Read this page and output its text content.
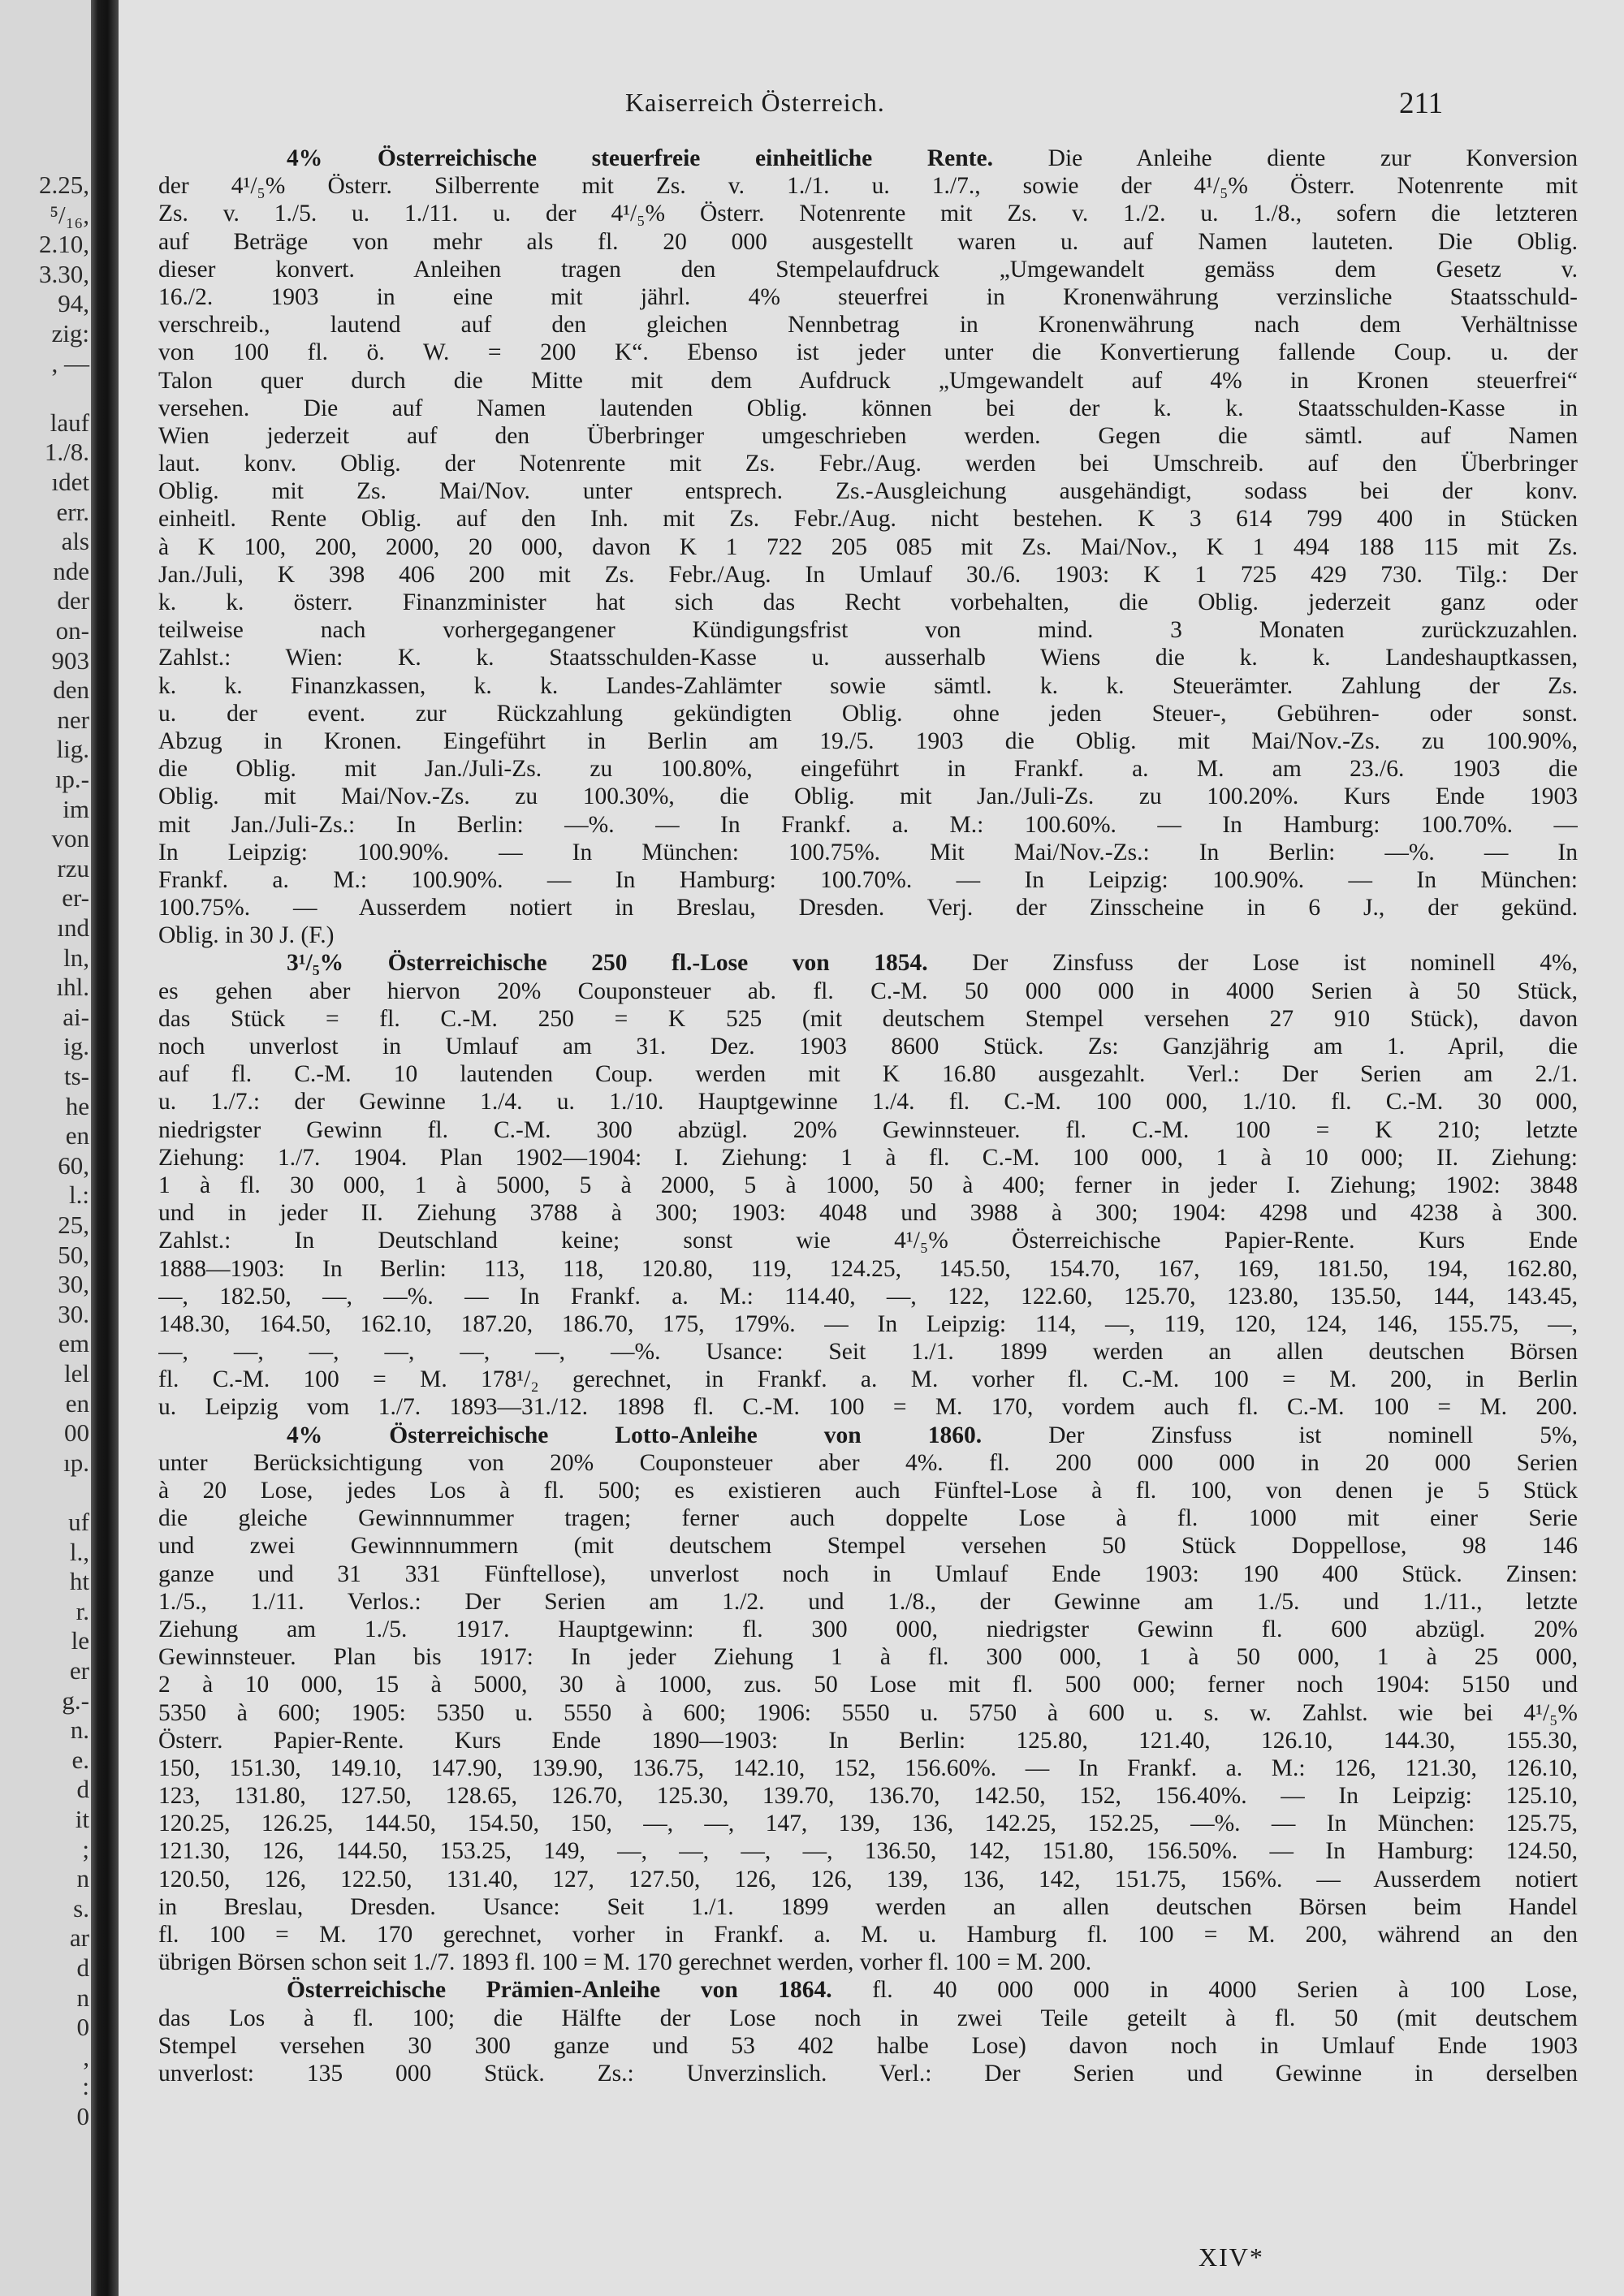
2.25,
⁵/₁₆,
2.10,
3.30,
94,
zig:
, —
lauf
1./8.
ıdet
err.
als
nde
der
on-
903
den
ner
lig.
ıp.-
im
von
rzu
er-
ınd
ln,
ıhl.
ai-
ig.
ts-
he
en
60,
l.:
25,
50,
30,
30.
em
lel
en
00
ıp.
uf
l.,
ht
r.
le
er
g.-
n.
e.
d
it
;
n
s.
ar
d
n
0
,
:
0
Kaiserreich Österreich.	211
4% Österreichische steuerfreie einheitliche Rente. Die Anleihe diente zur Konversion
der 4¹/₅% Österr. Silberrente mit Zs. v. 1./1. u. 1./7., sowie der 4¹/₅% Österr. Notenrente mit
Zs. v. 1./5. u. 1./11. u. der 4¹/₅% Österr. Notenrente mit Zs. v. 1./2. u. 1./8., sofern die letzteren
auf Beträge von mehr als fl. 20 000 ausgestellt waren u. auf Namen lauteten. Die Oblig.
dieser konvert. Anleihen tragen den Stempelaufdruck „Umgewandelt gemäss dem Gesetz v.
16./2. 1903 in eine mit jährl. 4% steuerfrei in Kronenwährung verzinsliche Staatsschuld-
verschreib., lautend auf den gleichen Nennbetrag in Kronenwährung nach dem Verhältnisse
von 100 fl. ö. W. = 200 K“. Ebenso ist jeder unter die Konvertierung fallende Coup. u. der
Talon quer durch die Mitte mit dem Aufdruck „Umgewandelt auf 4% in Kronen steuerfrei“
versehen. Die auf Namen lautenden Oblig. können bei der k. k. Staatsschulden-Kasse in
Wien jederzeit auf den Überbringer umgeschrieben werden. Gegen die sämtl. auf Namen
laut. konv. Oblig. der Notenrente mit Zs. Febr./Aug. werden bei Umschreib. auf den Überbringer
Oblig. mit Zs. Mai/Nov. unter entsprech. Zs.-Ausgleichung ausgehändigt, sodass bei der konv.
einheitl. Rente Oblig. auf den Inh. mit Zs. Febr./Aug. nicht bestehen. K 3 614 799 400 in Stücken
à K 100, 200, 2000, 20 000, davon K 1 722 205 085 mit Zs. Mai/Nov., K 1 494 188 115 mit Zs.
Jan./Juli, K 398 406 200 mit Zs. Febr./Aug. In Umlauf 30./6. 1903: K 1 725 429 730. Tilg.: Der
k. k. österr. Finanzminister hat sich das Recht vorbehalten, die Oblig. jederzeit ganz oder
teilweise nach vorhergegangener Kündigungsfrist von mind. 3 Monaten zurückzuzahlen.
Zahlst.: Wien: K. k. Staatsschulden-Kasse u. ausserhalb Wiens die k. k. Landeshauptkassen,
k. k. Finanzkassen, k. k. Landes-Zahlämter sowie sämtl. k. k. Steuerämter. Zahlung der Zs.
u. der event. zur Rückzahlung gekündigten Oblig. ohne jeden Steuer-, Gebühren- oder sonst.
Abzug in Kronen. Eingeführt in Berlin am 19./5. 1903 die Oblig. mit Mai/Nov.-Zs. zu 100.90%,
die Oblig. mit Jan./Juli-Zs. zu 100.80%, eingeführt in Frankf. a. M. am 23./6. 1903 die
Oblig. mit Mai/Nov.-Zs. zu 100.30%, die Oblig. mit Jan./Juli-Zs. zu 100.20%. Kurs Ende 1903
mit Jan./Juli-Zs.: In Berlin: —%. — In Frankf. a. M.: 100.60%. — In Hamburg: 100.70%. —
In Leipzig: 100.90%. — In München: 100.75%. Mit Mai/Nov.-Zs.: In Berlin: —%. — In
Frankf. a. M.: 100.90%. — In Hamburg: 100.70%. — In Leipzig: 100.90%. — In München:
100.75%. — Ausserdem notiert in Breslau, Dresden. Verj. der Zinsscheine in 6 J., der gekünd.
Oblig. in 30 J. (F.)
3¹/₅% Österreichische 250 fl.-Lose von 1854. Der Zinsfuss der Lose ist nominell 4%,
es gehen aber hiervon 20% Couponsteuer ab. fl. C.-M. 50 000 000 in 4000 Serien à 50 Stück,
das Stück = fl. C.-M. 250 = K 525 (mit deutschem Stempel versehen 27 910 Stück), davon
noch unverlost in Umlauf am 31. Dez. 1903 8600 Stück. Zs: Ganzjährig am 1. April, die
auf fl. C.-M. 10 lautenden Coup. werden mit K 16.80 ausgezahlt. Verl.: Der Serien am 2./1.
u. 1./7.: der Gewinne 1./4. u. 1./10. Hauptgewinne 1./4. fl. C.-M. 100 000, 1./10. fl. C.-M. 30 000,
niedrigster Gewinn fl. C.-M. 300 abzügl. 20% Gewinnsteuer. fl. C.-M. 100 = K 210; letzte
Ziehung: 1./7. 1904. Plan 1902—1904: I. Ziehung: 1 à fl. C.-M. 100 000, 1 à 10 000; II. Ziehung:
1 à fl. 30 000, 1 à 5000, 5 à 2000, 5 à 1000, 50 à 400; ferner in jeder I. Ziehung; 1902: 3848
und in jeder II. Ziehung 3788 à 300; 1903: 4048 und 3988 à 300; 1904: 4298 und 4238 à 300.
Zahlst.: In Deutschland keine; sonst wie 4¹/₅% Österreichische Papier-Rente. Kurs Ende
1888—1903: In Berlin: 113, 118, 120.80, 119, 124.25, 145.50, 154.70, 167, 169, 181.50, 194, 162.80,
—, 182.50, —, —%. — In Frankf. a. M.: 114.40, —, 122, 122.60, 125.70, 123.80, 135.50, 144, 143.45,
148.30, 164.50, 162.10, 187.20, 186.70, 175, 179%. — In Leipzig: 114, —, 119, 120, 124, 146, 155.75, —,
—, —, —, —, —, —, —%. Usance: Seit 1./1. 1899 werden an allen deutschen Börsen
fl. C.-M. 100 = M. 178¹/₂ gerechnet, in Frankf. a. M. vorher fl. C.-M. 100 = M. 200, in Berlin
u. Leipzig vom 1./7. 1893—31./12. 1898 fl. C.-M. 100 = M. 170, vordem auch fl. C.-M. 100 = M. 200.
4% Österreichische Lotto-Anleihe von 1860. Der Zinsfuss ist nominell 5%,
unter Berücksichtigung von 20% Couponsteuer aber 4%. fl. 200 000 000 in 20 000 Serien
à 20 Lose, jedes Los à fl. 500; es existieren auch Fünftel-Lose à fl. 100, von denen je 5 Stück
die gleiche Gewinnnummer tragen; ferner auch doppelte Lose à fl. 1000 mit einer Serie
und zwei Gewinnnummern (mit deutschem Stempel versehen 50 Stück Doppellose, 98 146
ganze und 31 331 Fünftellose), unverlost noch in Umlauf Ende 1903: 190 400 Stück. Zinsen:
1./5., 1./11. Verlos.: Der Serien am 1./2. und 1./8., der Gewinne am 1./5. und 1./11., letzte
Ziehung am 1./5. 1917. Hauptgewinn: fl. 300 000, niedrigster Gewinn fl. 600 abzügl. 20%
Gewinnsteuer. Plan bis 1917: In jeder Ziehung 1 à fl. 300 000, 1 à 50 000, 1 à 25 000,
2 à 10 000, 15 à 5000, 30 à 1000, zus. 50 Lose mit fl. 500 000; ferner noch 1904: 5150 und
5350 à 600; 1905: 5350 u. 5550 à 600; 1906: 5550 u. 5750 à 600 u. s. w. Zahlst. wie bei 4¹/₅%
Österr. Papier-Rente. Kurs Ende 1890—1903: In Berlin: 125.80, 121.40, 126.10, 144.30, 155.30,
150, 151.30, 149.10, 147.90, 139.90, 136.75, 142.10, 152, 156.60%. — In Frankf. a. M.: 126, 121.30, 126.10,
123, 131.80, 127.50, 128.65, 126.70, 125.30, 139.70, 136.70, 142.50, 152, 156.40%. — In Leipzig: 125.10,
120.25, 126.25, 144.50, 154.50, 150, —, —, 147, 139, 136, 142.25, 152.25, —%. — In München: 125.75,
121.30, 126, 144.50, 153.25, 149, —, —, —, —, 136.50, 142, 151.80, 156.50%. — In Hamburg: 124.50,
120.50, 126, 122.50, 131.40, 127, 127.50, 126, 126, 139, 136, 142, 151.75, 156%. — Ausserdem notiert
in Breslau, Dresden. Usance: Seit 1./1. 1899 werden an allen deutschen Börsen beim Handel
fl. 100 = M. 170 gerechnet, vorher in Frankf. a. M. u. Hamburg fl. 100 = M. 200, während an den
übrigen Börsen schon seit 1./7. 1893 fl. 100 = M. 170 gerechnet werden, vorher fl. 100 = M. 200.
Österreichische Prämien-Anleihe von 1864. fl. 40 000 000 in 4000 Serien à 100 Lose,
das Los à fl. 100; die Hälfte der Lose noch in zwei Teile geteilt à fl. 50 (mit deutschem
Stempel versehen 30 300 ganze und 53 402 halbe Lose) davon noch in Umlauf Ende 1903
unverlost: 135 000 Stück. Zs.: Unverzinslich. Verl.: Der Serien und Gewinne in derselben
XIV*
